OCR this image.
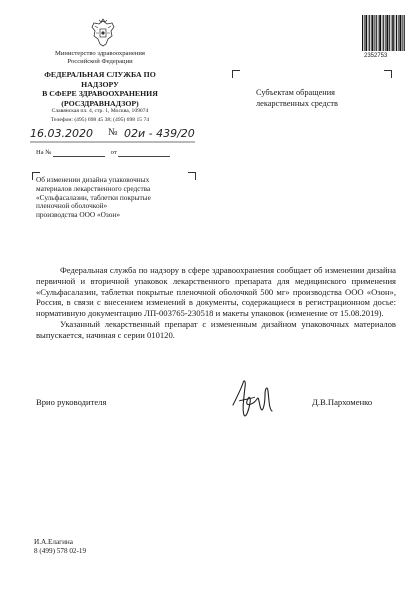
Министерство здравоохранения
Российской Федерации
ФЕДЕРАЛЬНАЯ СЛУЖБА ПО НАДЗОРУ
В СФЕРЕ ЗДРАВООХРАНЕНИЯ
(РОСЗДРАВНАДЗОР)
Славянская пл. 4, стр. 1, Москва, 109074
Телефон: (495) 698 45 38; (495) 698 15 74
16.03.2020 № 02и - 439/20
На №	от
Об изменении дизайна упаковочных
материалов лекарственного средства
«Сульфасалазин, таблетки покрытые
пленочной оболочкой»
производства ООО «Озон»
Субъектам обращения
лекарственных средств
2352753

Федеральная служба по надзору в сфере здравоохранения сообщает об изменении дизайна первичной и вторичной упаковок лекарственного препарата для медицинского применения «Сульфасалазин, таблетки покрытые пленочной оболочкой 500 мг» производства ООО «Озон», Россия, в связи с внесением изменений в документы, содержащиеся в регистрационном досье: нормативную документацию ЛП-003765-230518 и макеты упаковок (изменение от 15.08.2019).

Указанный лекарственный препарат с измененным дизайном упаковочных материалов выпускается, начиная с серии 010120.

Врио руководителя	Д.В.Пархоменко
И.А.Елагина
8 (499) 578 02-19
